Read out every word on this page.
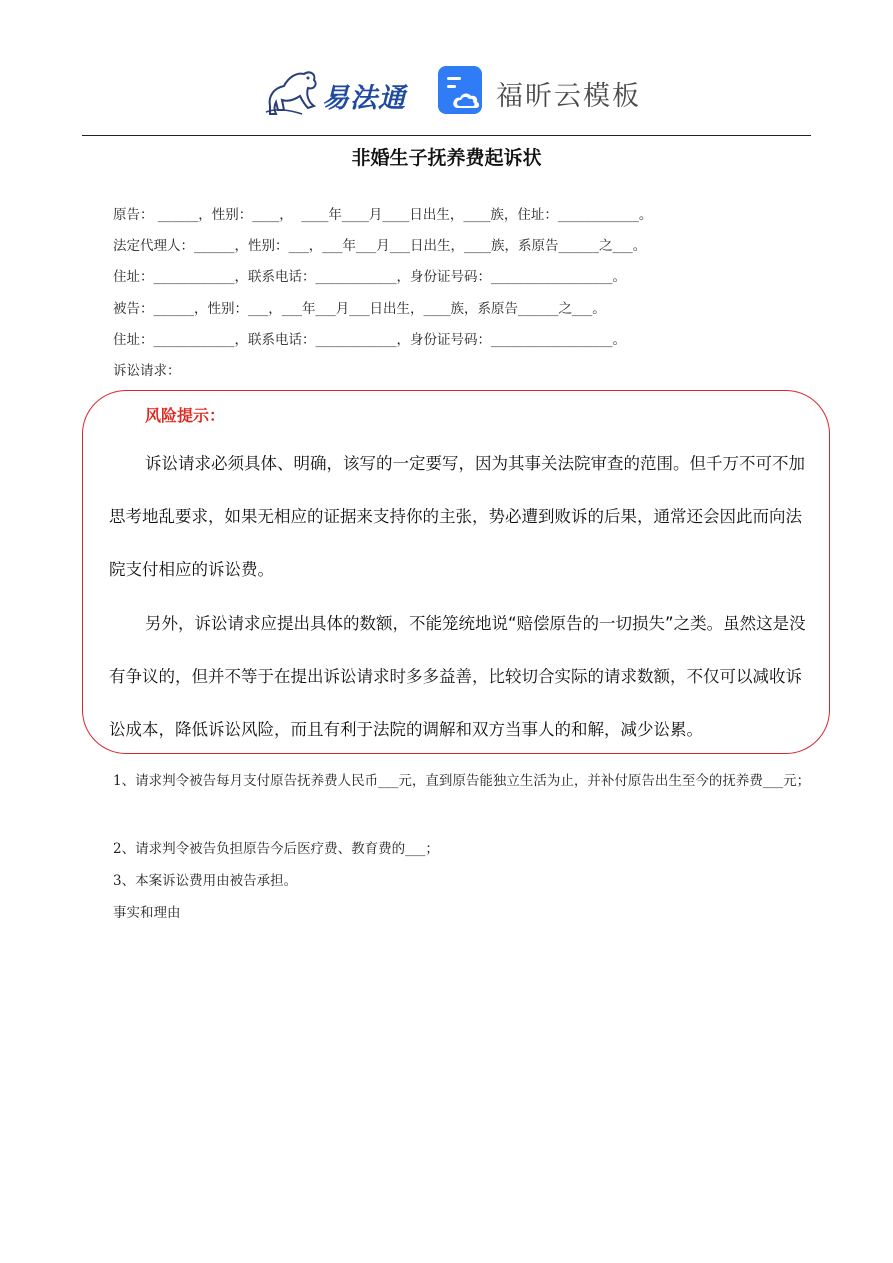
易法通	福昕云模板
非婚生子抚养费起诉状
原告： ______，性别：____，  ____年____月____日出生，____族，住址：____________。
法定代理人：______，性别：___，___年___月___日出生，____族，系原告______之___。
住址：____________，联系电话：____________，身份证号码：__________________。
被告：______，性别：___，___年___月___日出生，____族，系原告______之___。
住址：____________，联系电话：____________，身份证号码：__________________。
诉讼请求：
风险提示：

诉讼请求必须具体、明确，该写的一定要写，因为其事关法院审查的范围。但千万不可不加思考地乱要求，如果无相应的证据来支持你的主张，势必遭到败诉的后果，通常还会因此而向法院支付相应的诉讼费。

另外，诉讼请求应提出具体的数额，不能笼统地说“赔偿原告的一切损失”之类。虽然这是没有争议的，但并不等于在提出诉讼请求时多多益善，比较切合实际的请求数额，不仅可以减收诉讼成本，降低诉讼风险，而且有利于法院的调解和双方当事人的和解，减少讼累。

1、请求判令被告每月支付原告抚养费人民币___元，直到原告能独立生活为止，并补付原告出生至今的抚养费___元；

2、请求判令被告负担原告今后医疗费、教育费的___；

3、本案诉讼费用由被告承担。

事实和理由
